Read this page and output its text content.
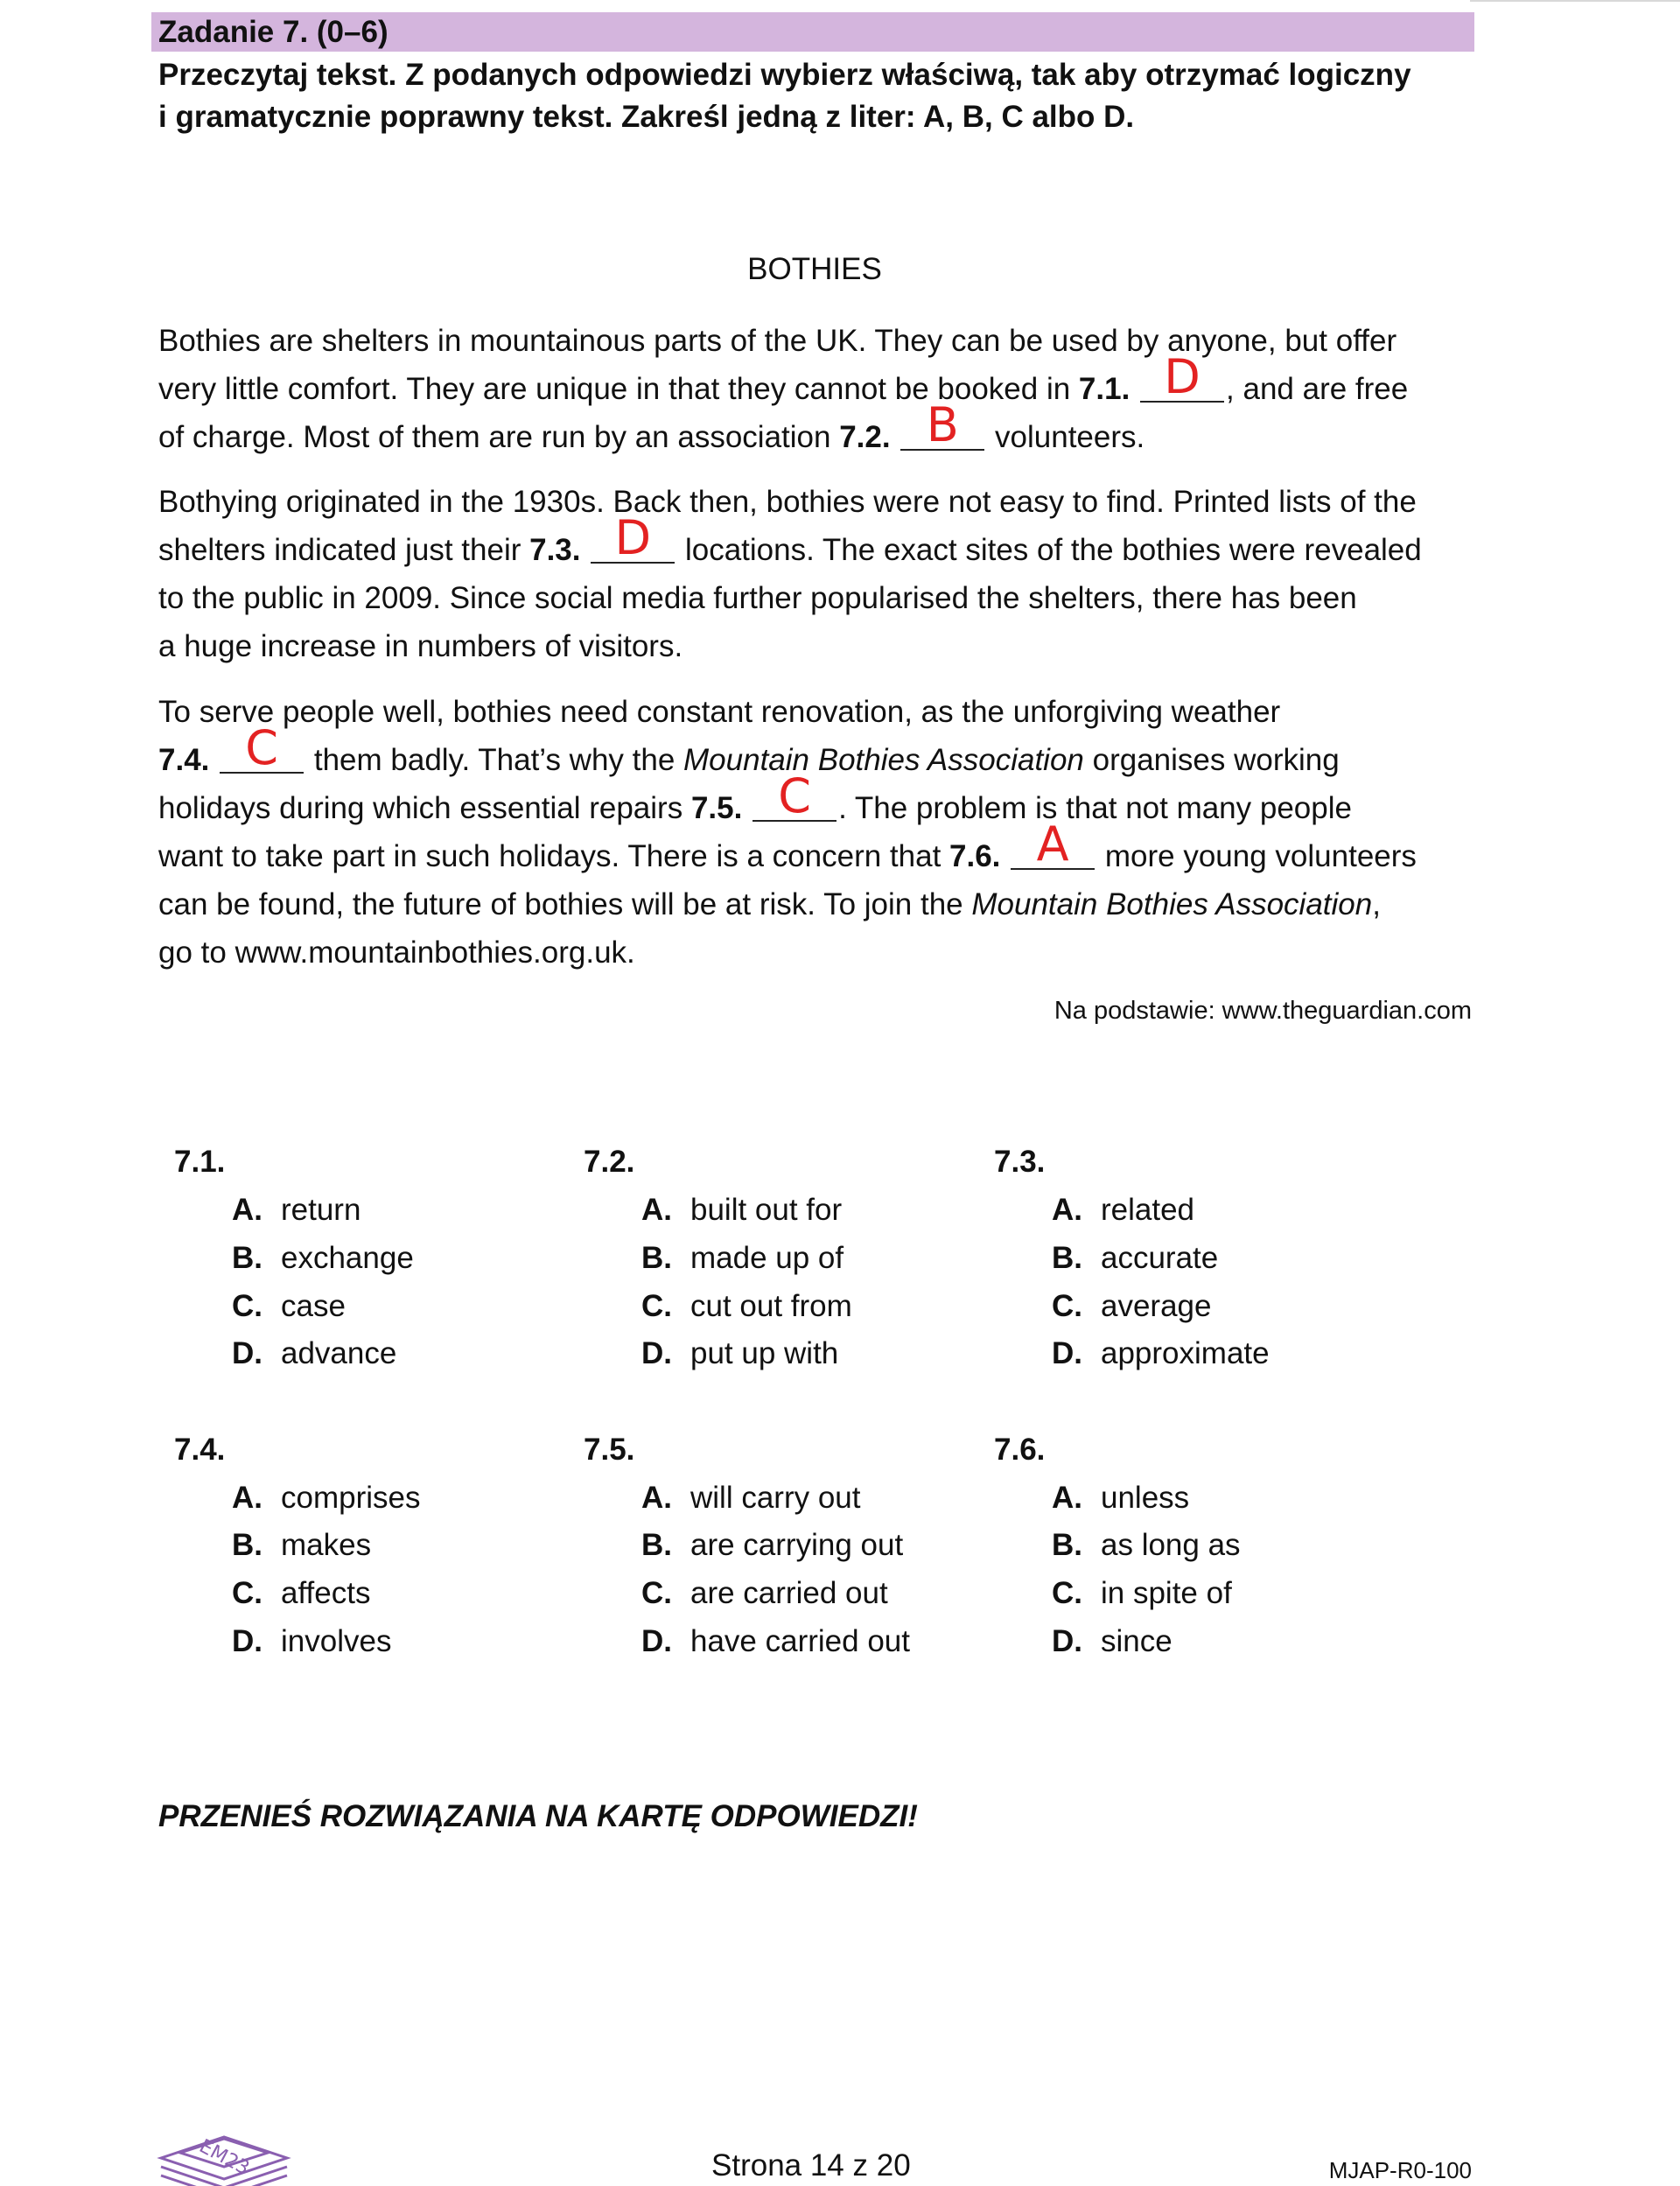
Zadanie 7. (0–6)
Przeczytaj tekst. Z podanych odpowiedzi wybierz właściwą, tak aby otrzymać logiczny
i gramatycznie poprawny tekst. Zakreśl jedną z liter: A, B, C albo D.
BOTHIES
Bothies are shelters in mountainous parts of the UK. They can be used by anyone, but offer
very little comfort. They are unique in that they cannot be booked in 7.1. D , and are free
of charge. Most of them are run by an association 7.2. B volunteers.
Bothying originated in the 1930s. Back then, bothies were not easy to find. Printed lists of the
shelters indicated just their 7.3. D locations. The exact sites of the bothies were revealed
to the public in 2009. Since social media further popularised the shelters, there has been
a huge increase in numbers of visitors.
To serve people well, bothies need constant renovation, as the unforgiving weather
7.4. C them badly. That’s why the Mountain Bothies Association organises working
holidays during which essential repairs 7.5. C . The problem is that not many people
want to take part in such holidays. There is a concern that 7.6. A more young volunteers
can be found, the future of bothies will be at risk. To join the Mountain Bothies Association,
go to www.mountainbothies.org.uk.
Na podstawie: www.theguardian.com
7.1.
A. return
B. exchange
C. case
D. advance
7.2.
A. built out for
B. made up of
C. cut out from
D. put up with
7.3.
A. related
B. accurate
C. average
D. approximate
7.4.
A. comprises
B. makes
C. affects
D. involves
7.5.
A. will carry out
B. are carrying out
C. are carried out
D. have carried out
7.6.
A. unless
B. as long as
C. in spite of
D. since
PRZENIEŚ ROZWIĄZANIA NA KARTĘ ODPOWIEDZI!
EM23	Strona 14 z 20	MJAP-R0-100
